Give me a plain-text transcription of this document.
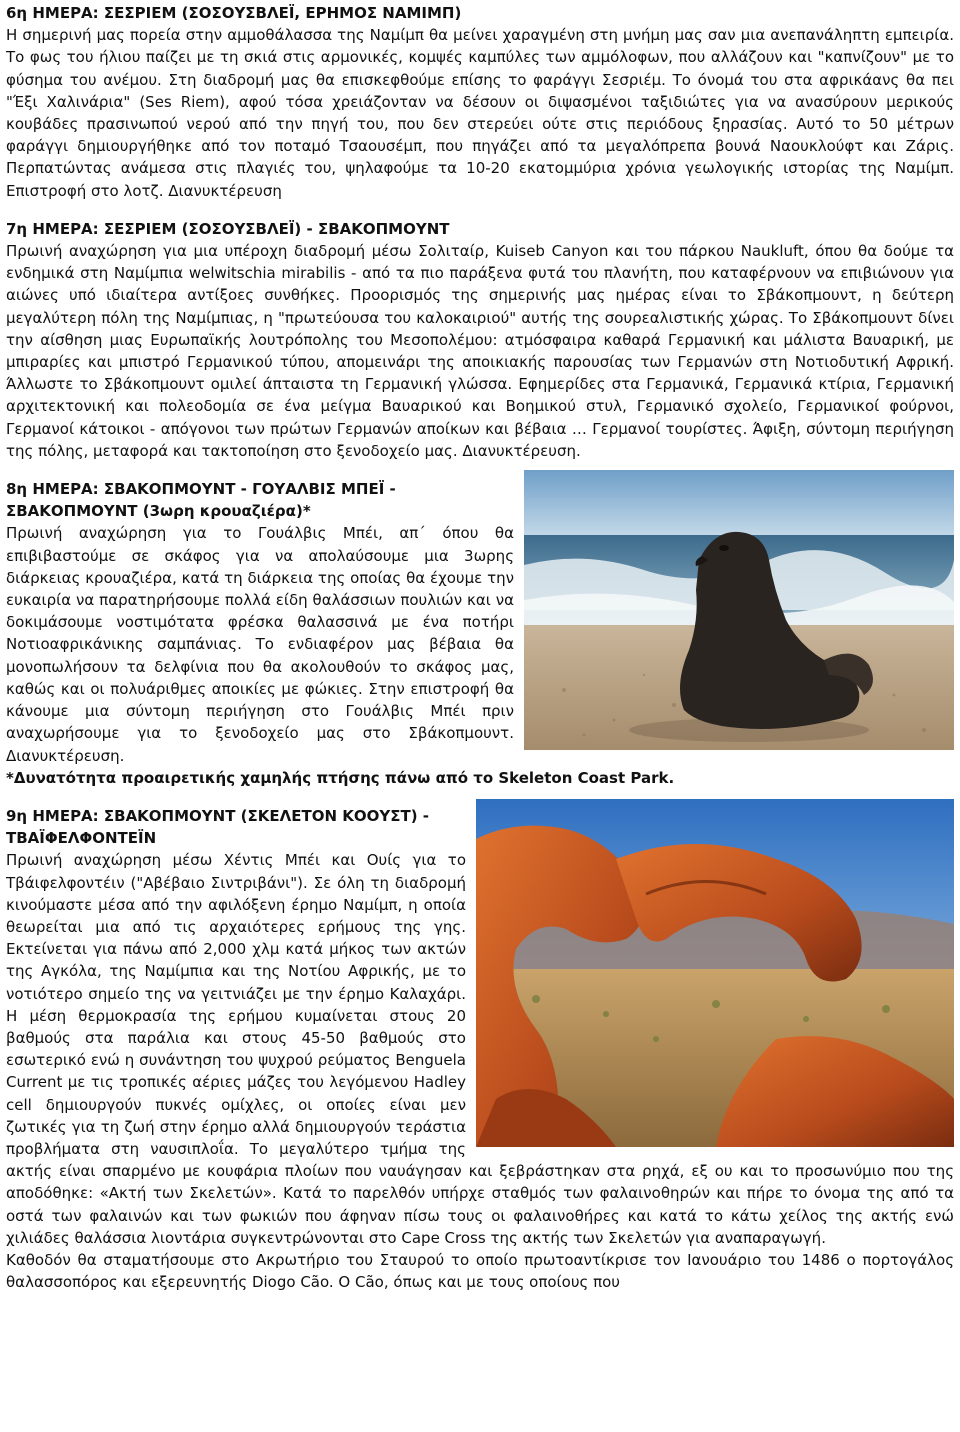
6η ΗΜΕΡΑ: ΣΕΣΡΙΕΜ (ΣΟΣΟΥΣΒΛΕΪ, ΕΡΗΜΟΣ ΝΑΜΙΜΠ)

Η σημερινή μας πορεία στην αμμοθάλασσα της Ναμίμπ θα μείνει χαραγμένη στη μνήμη μας σαν μια ανεπανάληπτη εμπειρία. Το φως του ήλιου παίζει με τη σκιά στις αρμονικές, κομψές καμπύλες των αμμόλοφων, που αλλάζουν και "καπνίζουν" με το φύσημα του ανέμου. Στη διαδρομή μας θα επισκεφθούμε επίσης το φαράγγι Σεσριέμ. Το όνομά του στα αφρικάανς θα πει "Έξι Χαλινάρια" (Ses Riem), αφού τόσα χρειάζονταν να δέσουν οι διψασμένοι ταξιδιώτες για να ανασύρουν μερικούς κουβάδες πρασινωπού νερού από την πηγή του, που δεν στερεύει ούτε στις περιόδους ξηρασίας. Αυτό το 50 μέτρων φαράγγι δημιουργήθηκε από τον ποταμό Τσαουσέμπ, που πηγάζει από τα μεγαλόπρεπα βουνά Ναουκλούφτ και Ζάρις. Περπατώντας ανάμεσα στις πλαγιές του, ψηλαφούμε τα 10-20 εκατομμύρια χρόνια γεωλογικής ιστορίας της Ναμίμπ. Επιστροφή στο λοτζ. Διανυκτέρευση

7η ΗΜΕΡΑ: ΣΕΣΡΙΕΜ (ΣΟΣΟΥΣΒΛΕΪ) - ΣΒΑΚΟΠΜΟΥΝΤ

Πρωινή αναχώρηση για μια υπέροχη διαδρομή μέσω Σολιταίρ, Kuiseb Canyon και του πάρκου Naukluft, όπου θα δούμε τα ενδημικά στη Ναμίμπια welwitschia mirabilis - από τα πιο παράξενα φυτά του πλανήτη, που καταφέρνουν να επιβιώνουν για αιώνες υπό ιδιαίτερα αντίξοες συνθήκες. Προορισμός της σημερινής μας ημέρας είναι το Σβάκοπμουντ, η δεύτερη μεγαλύτερη πόλη της Ναμίμπιας, η "πρωτεύουσα του καλοκαιριού" αυτής της σουρεαλιστικής χώρας. Το Σβάκοπμουντ δίνει την αίσθηση μιας Ευρωπαϊκής λουτρόπολης του Μεσοπολέμου: ατμόσφαιρα καθαρά Γερμανική και μάλιστα Βαυαρική, με μπιραρίες και μπιστρό Γερμανικού τύπου, απομεινάρι της αποικιακής παρουσίας των Γερμανών στη Νοτιοδυτική Αφρική. Άλλωστε το Σβάκοπμουντ ομιλεί άπταιστα τη Γερμανική γλώσσα. Εφημερίδες στα Γερμανικά, Γερμανικά κτίρια, Γερμανική αρχιτεκτονική και πολεοδομία σε ένα μείγμα Βαυαρικού και Βοημικού στυλ, Γερμανικό σχολείο, Γερμανικοί φούρνοι, Γερμανοί κάτοικοι - απόγονοι των πρώτων Γερμανών αποίκων και βέβαια … Γερμανοί τουρίστες. Άφιξη, σύντομη περιήγηση της πόλης, μεταφορά και τακτοποίηση στο ξενοδοχείο μας. Διανυκτέρευση.

8η ΗΜΕΡΑ: ΣΒΑΚΟΠΜΟΥΝΤ - ΓΟΥΑΛΒΙΣ ΜΠΕΪ - ΣΒΑΚΟΠΜΟΥΝΤ (3ωρη κρουαζιέρα)*

Πρωινή αναχώρηση για το Γουάλβις Μπέι, απ΄ όπου θα επιβιβαστούμε σε σκάφος για να απολαύσουμε μια 3ωρης διάρκειας κρουαζιέρα, κατά τη διάρκεια της οποίας θα έχουμε την ευκαιρία να παρατηρήσουμε πολλά είδη θαλάσσιων πουλιών και να δοκιμάσουμε νοστιμότατα φρέσκα θαλασσινά με ένα ποτήρι Νοτιοαφρικάνικης σαμπάνιας. Το ενδιαφέρον μας βέβαια θα μονοπωλήσουν τα δελφίνια που θα ακολουθούν το σκάφος μας, καθώς και οι πολυάριθμες αποικίες με φώκιες. Στην επιστροφή θα κάνουμε μια σύντομη περιήγηση στο Γουάλβις Μπέι πριν αναχωρήσουμε για το ξενοδοχείο μας στο Σβάκοπμουντ. Διανυκτέρευση.

*Δυνατότητα προαιρετικής χαμηλής πτήσης πάνω από το Skeleton Coast Park.

9η ΗΜΕΡΑ: ΣΒΑΚΟΠΜΟΥΝΤ (ΣΚΕΛΕΤΟΝ ΚΟΟΥΣΤ) - ΤΒΑΪΦΕΛΦΟΝΤΕΪΝ

Πρωινή αναχώρηση μέσω Χέντις Μπέι και Ουίς για το Τβάιφελφοντέιν ("Αβέβαιο Σιντριβάνι"). Σε όλη τη διαδρομή κινούμαστε μέσα από την αφιλόξενη έρημο Ναμίμπ, η οποία θεωρείται μια από τις αρχαιότερες ερήμους της γης. Εκτείνεται για πάνω από 2,000 χλμ κατά μήκος των ακτών της Αγκόλα, της Ναμίμπια και της Νοτίου Αφρικής, με το νοτιότερο σημείο της να γειτνιάζει με την έρημο Καλαχάρι. Η μέση θερμοκρασία της ερήμου κυμαίνεται στους 20 βαθμούς στα παράλια και στους 45-50 βαθμούς στο εσωτερικό ενώ η συνάντηση του ψυχρού ρεύματος Benguela Current με τις τροπικές αέριες μάζες του λεγόμενου Hadley cell δημιουργούν πυκνές ομίχλες, οι οποίες είναι μεν ζωτικές για τη ζωή στην έρημο αλλά δημιουργούν τεράστια προβλήματα στη ναυσιπλοΐα. Το μεγαλύτερο τμήμα της ακτής είναι σπαρμένο με κουφάρια πλοίων που ναυάγησαν και ξεβράστηκαν στα ρηχά, εξ ου και το προσωνύμιο που της αποδόθηκε: «Ακτή των Σκελετών». Κατά το παρελθόν υπήρχε σταθμός των φαλαινοθηρών και πήρε το όνομα της από τα οστά των φαλαινών και των φωκιών που άφηναν πίσω τους οι φαλαινοθήρες και κατά το κάτω χείλος της ακτής ενώ χιλιάδες θαλάσσια λιοντάρια συγκεντρώνονται στο Cape Cross της ακτής των Σκελετών για αναπαραγωγή.

Καθοδόν θα σταματήσουμε στο Ακρωτήριο του Σταυρού το οποίο πρωτοαντίκρισε τον Ιανουάριο του 1486 ο πορτογάλος θαλασσοπόρος και εξερευνητής Diogo Cão. O Cão, όπως και με τους οποίους που
